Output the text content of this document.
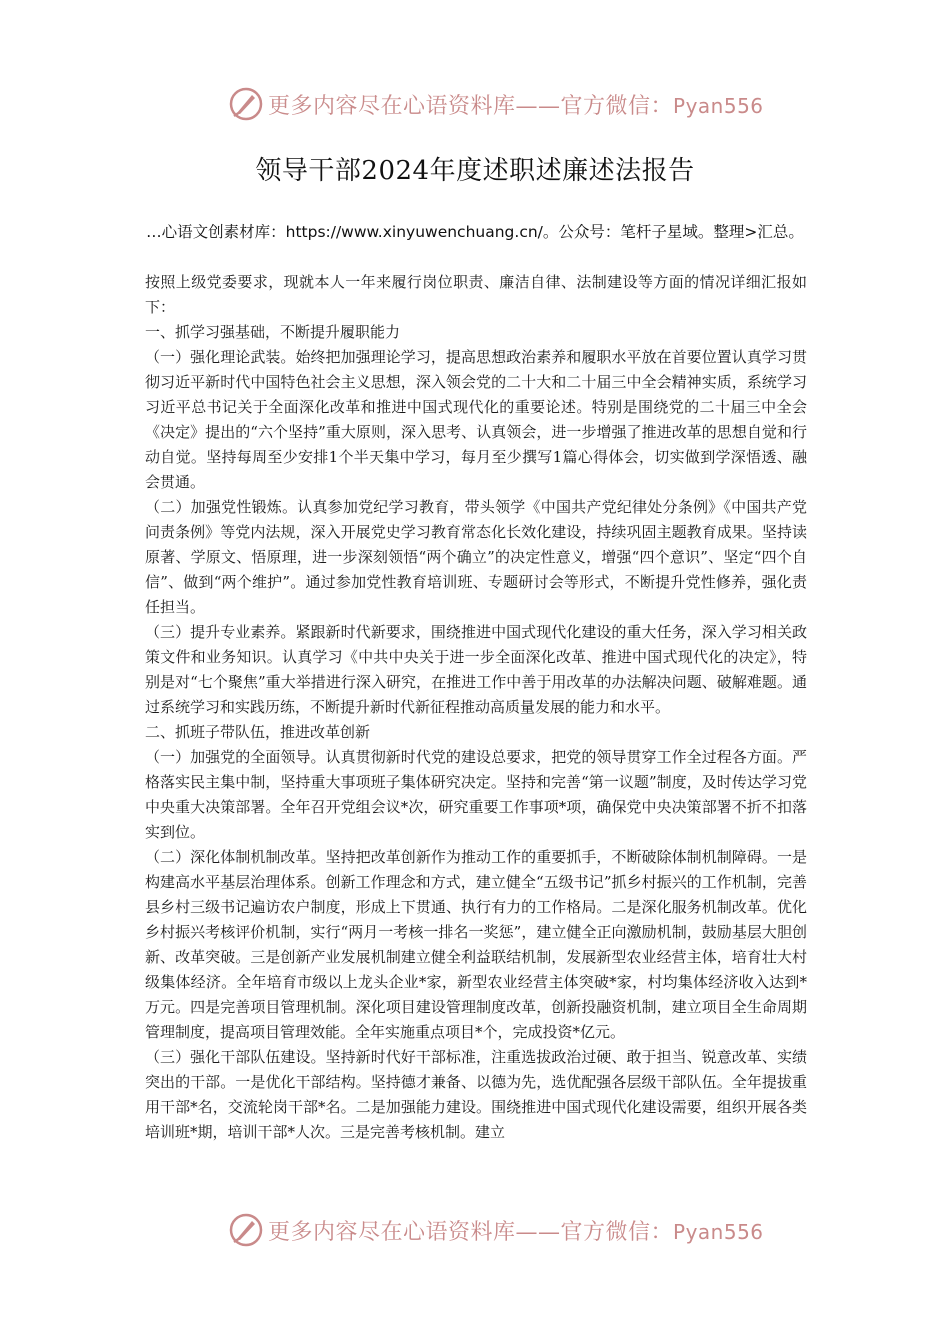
更多内容尽在心语资料库——官方微信：Pyan556
领导干部2024年度述职述廉述法报告
…心语文创素材库：https://www.xinyuwenchuang.cn/。公众号：笔杆子星域。整理>汇总。

按照上级党委要求，现就本人一年来履行岗位职责、廉洁自律、法制建设等方面的情况详细汇报如下：

一、抓学习强基础，不断提升履职能力

（一）强化理论武装。始终把加强理论学习，提高思想政治素养和履职水平放在首要位置认真学习贯彻习近平新时代中国特色社会主义思想，深入领会党的二十大和二十届三中全会精神实质，系统学习习近平总书记关于全面深化改革和推进中国式现代化的重要论述。特别是围绕党的二十届三中全会《决定》提出的“六个坚持”重大原则，深入思考、认真领会，进一步增强了推进改革的思想自觉和行动自觉。坚持每周至少安排1个半天集中学习，每月至少撰写1篇心得体会，切实做到学深悟透、融会贯通。

（二）加强党性锻炼。认真参加党纪学习教育，带头领学《中国共产党纪律处分条例》《中国共产党问责条例》等党内法规，深入开展党史学习教育常态化长效化建设，持续巩固主题教育成果。坚持读原著、学原文、悟原理，进一步深刻领悟“两个确立”的决定性意义，增强“四个意识”、坚定“四个自信”、做到“两个维护”。通过参加党性教育培训班、专题研讨会等形式，不断提升党性修养，强化责任担当。

（三）提升专业素养。紧跟新时代新要求，围绕推进中国式现代化建设的重大任务，深入学习相关政策文件和业务知识。认真学习《中共中央关于进一步全面深化改革、推进中国式现代化的决定》，特别是对“七个聚焦”重大举措进行深入研究，在推进工作中善于用改革的办法解决问题、破解难题。通过系统学习和实践历练，不断提升新时代新征程推动高质量发展的能力和水平。

二、抓班子带队伍，推进改革创新

（一）加强党的全面领导。认真贯彻新时代党的建设总要求，把党的领导贯穿工作全过程各方面。严格落实民主集中制，坚持重大事项班子集体研究决定。坚持和完善“第一议题”制度，及时传达学习党中央重大决策部署。全年召开党组会议*次，研究重要工作事项*项，确保党中央决策部署不折不扣落实到位。

（二）深化体制机制改革。坚持把改革创新作为推动工作的重要抓手，不断破除体制机制障碍。一是构建高水平基层治理体系。创新工作理念和方式，建立健全“五级书记”抓乡村振兴的工作机制，完善县乡村三级书记遍访农户制度，形成上下贯通、执行有力的工作格局。二是深化服务机制改革。优化乡村振兴考核评价机制，实行“两月一考核一排名一奖惩”，建立健全正向激励机制，鼓励基层大胆创新、改革突破。三是创新产业发展机制建立健全利益联结机制，发展新型农业经营主体，培育壮大村级集体经济。全年培育市级以上龙头企业*家，新型农业经营主体突破*家，村均集体经济收入达到*万元。四是完善项目管理机制。深化项目建设管理制度改革，创新投融资机制，建立项目全生命周期管理制度，提高项目管理效能。全年实施重点项目*个，完成投资*亿元。

（三）强化干部队伍建设。坚持新时代好干部标准，注重选拔政治过硬、敢于担当、锐意改革、实绩突出的干部。一是优化干部结构。坚持德才兼备、以德为先，选优配强各层级干部队伍。全年提拔重用干部*名，交流轮岗干部*名。二是加强能力建设。围绕推进中国式现代化建设需要，组织开展各类培训班*期，培训干部*人次。三是完善考核机制。建立

更多内容尽在心语资料库——官方微信：Pyan556
